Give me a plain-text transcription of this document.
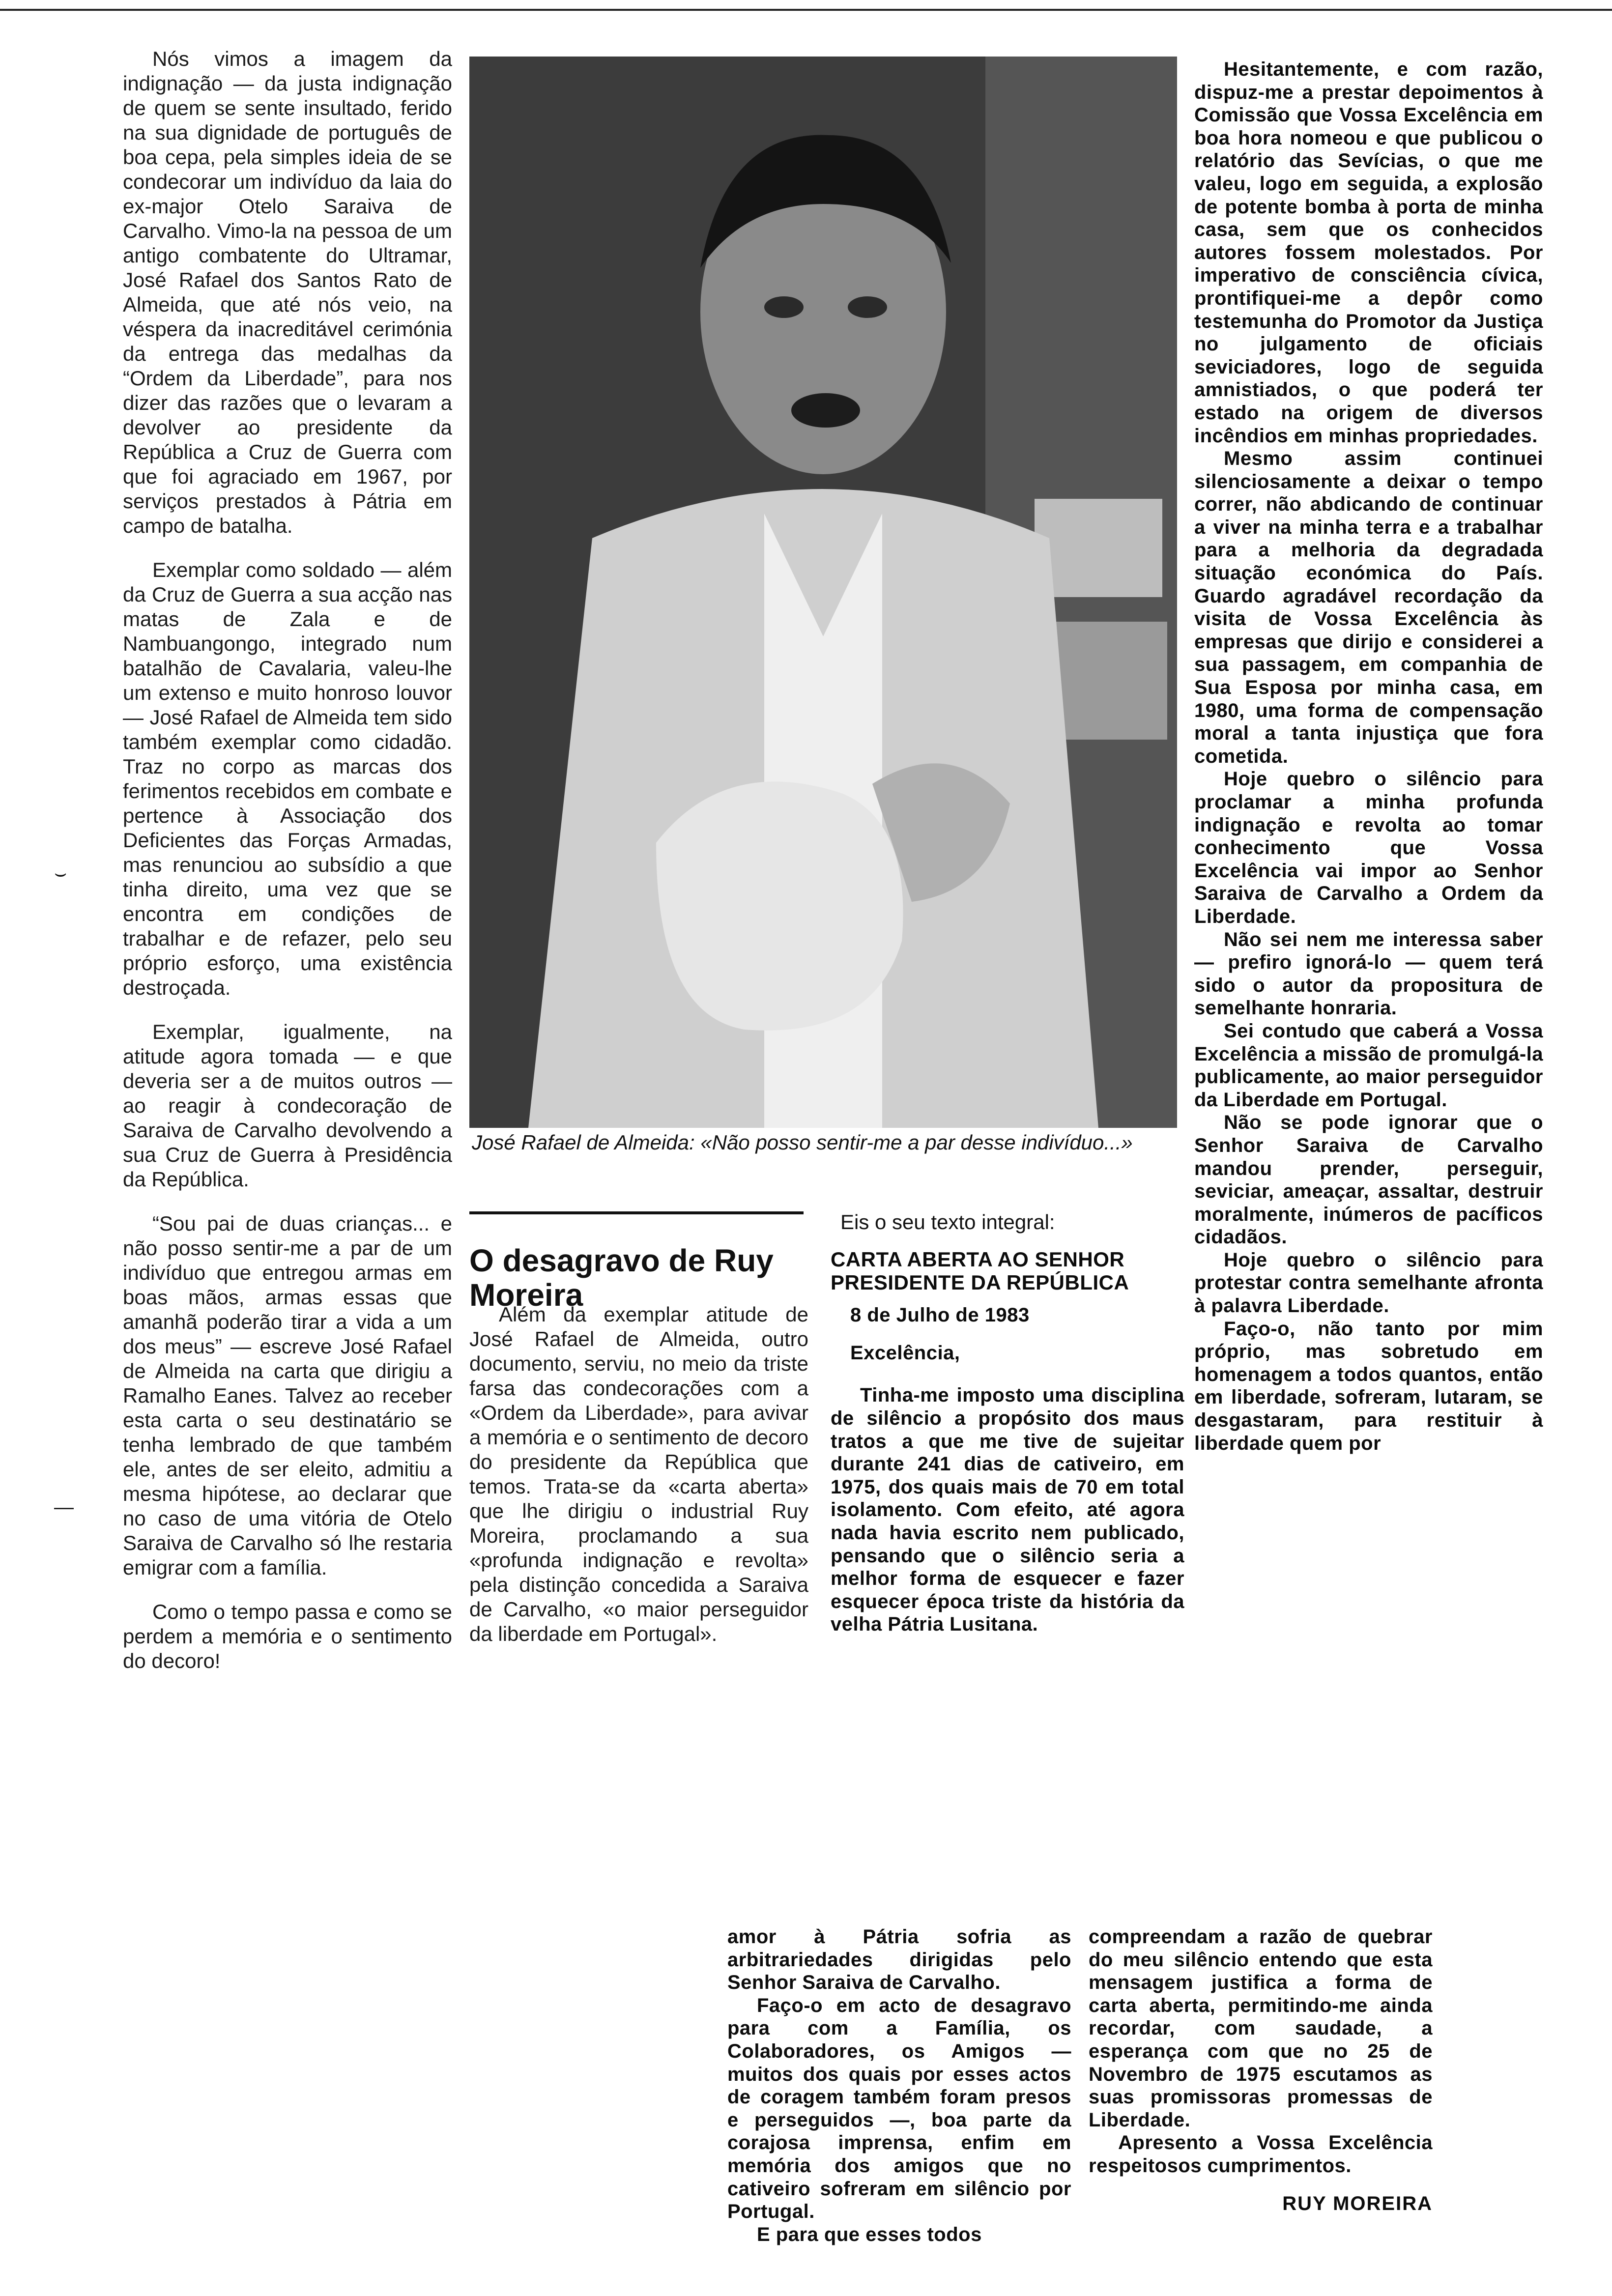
Nós vimos a imagem da indignação — da justa indignação de quem se sente insultado, ferido na sua dignidade de português de boa cepa, pela simples ideia de se condecorar um indivíduo da laia do ex-major Otelo Saraiva de Carvalho. Vimo-la na pessoa de um antigo combatente do Ultramar, José Rafael dos Santos Rato de Almeida, que até nós veio, na véspera da inacreditável cerimónia da entrega das medalhas da “Ordem da Liberdade”, para nos dizer das razões que o levaram a devolver ao presidente da República a Cruz de Guerra com que foi agraciado em 1967, por serviços prestados à Pátria em campo de batalha.

Exemplar como soldado — além da Cruz de Guerra a sua acção nas matas de Zala e de Nambuangongo, integrado num batalhão de Cavalaria, valeu-lhe um extenso e muito honroso louvor — José Rafael de Almeida tem sido também exemplar como cidadão. Traz no corpo as marcas dos ferimentos recebidos em combate e pertence à Associação dos Deficientes das Forças Armadas, mas renunciou ao subsídio a que tinha direito, uma vez que se encontra em condições de trabalhar e de refazer, pelo seu próprio esforço, uma existência destroçada.

Exemplar, igualmente, na atitude agora tomada — e que deveria ser a de muitos outros — ao reagir à condecoração de Saraiva de Carvalho devolvendo a sua Cruz de Guerra à Presidência da República.

“Sou pai de duas crianças... e não posso sentir-me a par de um indivíduo que entregou armas em boas mãos, armas essas que amanhã poderão tirar a vida a um dos meus” — escreve José Rafael de Almeida na carta que dirigiu a Ramalho Eanes. Talvez ao receber esta carta o seu destinatário se tenha lembrado de que também ele, antes de ser eleito, admitiu a mesma hipótese, ao declarar que no caso de uma vitória de Otelo Saraiva de Carvalho só lhe restaria emigrar com a família.

Como o tempo passa e como se perdem a memória e o sentimento do decoro!

⌣
—

José Rafael de Almeida: «Não posso sentir-me a par desse indivíduo...»

O desagravo de Ruy Moreira

Além da exemplar atitude de José Rafael de Almeida, outro documento, serviu, no meio da triste farsa das condecorações com a «Ordem da Liberdade», para avivar a memória e o sentimento de decoro do presidente da República que temos. Trata-se da «carta aberta» que lhe dirigiu o industrial Ruy Moreira, proclamando a sua «profunda indignação e revolta» pela distinção concedida a Saraiva de Carvalho, «o maior perseguidor da liberdade em Portugal».

Eis o seu texto integral:

CARTA ABERTA AO SENHOR PRESIDENTE DA REPÚBLICA

8 de Julho de 1983

Excelência,

Tinha-me imposto uma disciplina de silêncio a propósito dos maus tratos a que me tive de sujeitar durante 241 dias de cativeiro, em 1975, dos quais mais de 70 em total isolamento. Com efeito, até agora nada havia escrito nem publicado, pensando que o silêncio seria a melhor forma de esquecer e fazer esquecer época triste da história da velha Pátria Lusitana.

Hesitantemente, e com razão, dispuz-me a prestar depoimentos à Comissão que Vossa Excelência em boa hora nomeou e que publicou o relatório das Sevícias, o que me valeu, logo em seguida, a explosão de potente bomba à porta de minha casa, sem que os conhecidos autores fossem molestados. Por imperativo de consciência cívica, prontifiquei-me a depôr como testemunha do Promotor da Justiça no julgamento de oficiais seviciadores, logo de seguida amnistiados, o que poderá ter estado na origem de diversos incêndios em minhas propriedades.

Mesmo assim continuei silenciosamente a deixar o tempo correr, não abdicando de continuar a viver na minha terra e a trabalhar para a melhoria da degradada situação económica do País. Guardo agradável recordação da visita de Vossa Excelência às empresas que dirijo e considerei a sua passagem, em companhia de Sua Esposa por minha casa, em 1980, uma forma de compensação moral a tanta injustiça que fora cometida.

Hoje quebro o silêncio para proclamar a minha profunda indignação e revolta ao tomar conhecimento que Vossa Excelência vai impor ao Senhor Saraiva de Carvalho a Ordem da Liberdade.

Não sei nem me interessa saber — prefiro ignorá-lo — quem terá sido o autor da propositura de semelhante honraria.

Sei contudo que caberá a Vossa Excelência a missão de promulgá-la publicamente, ao maior perseguidor da Liberdade em Portugal.

Não se pode ignorar que o Senhor Saraiva de Carvalho mandou prender, perseguir, seviciar, ameaçar, assaltar, destruir moralmente, inúmeros de pacíficos cidadãos.

Hoje quebro o silêncio para protestar contra semelhante afronta à palavra Liberdade.

Faço-o, não tanto por mim próprio, mas sobretudo em homenagem a todos quantos, então em liberdade, sofreram, lutaram, se desgastaram, para restituir à liberdade quem por

amor à Pátria sofria as arbitrariedades dirigidas pelo Senhor Saraiva de Carvalho.

Faço-o em acto de desagravo para com a Família, os Colaboradores, os Amigos — muitos dos quais por esses actos de coragem também foram presos e perseguidos —, boa parte da corajosa imprensa, enfim em memória dos amigos que no cativeiro sofreram em silêncio por Portugal.

E para que esses todos

compreendam a razão de quebrar do meu silêncio entendo que esta mensagem justifica a forma de carta aberta, permitindo-me ainda recordar, com saudade, a esperança com que no 25 de Novembro de 1975 escutamos as suas promissoras promessas de Liberdade.

Apresento a Vossa Excelência respeitosos cumprimentos.

RUY MOREIRA
